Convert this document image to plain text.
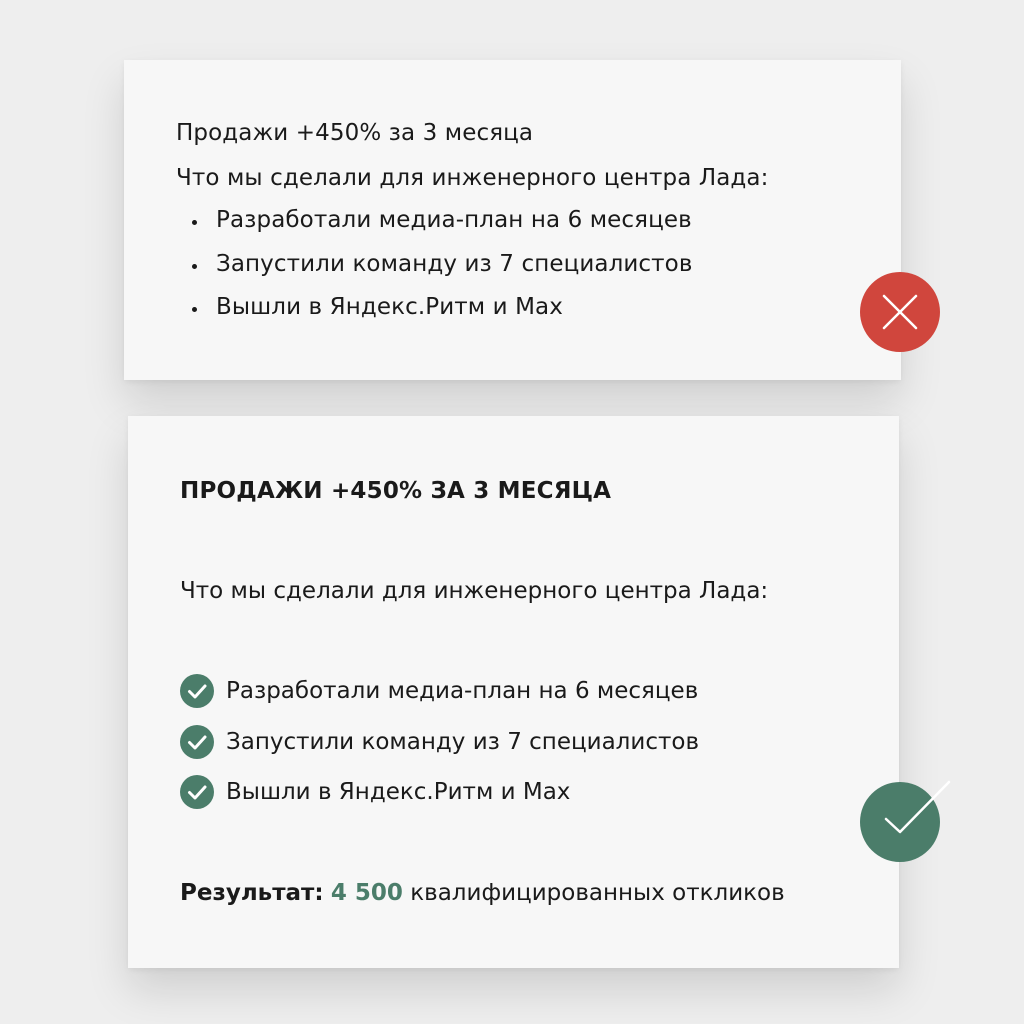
Продажи +450% за 3 месяца
Что мы сделали для инженерного центра Лада:
Разработали медиа-план на 6 месяцев
Запустили команду из 7 специалистов
Вышли в Яндекс.Ритм и Max
ПРОДАЖИ +450% ЗА 3 МЕСЯЦА
Что мы сделали для инженерного центра Лада:
Разработали медиа-план на 6 месяцев
Запустили команду из 7 специалистов
Вышли в Яндекс.Ритм и Max
Результат: 4 500 квалифицированных откликов
